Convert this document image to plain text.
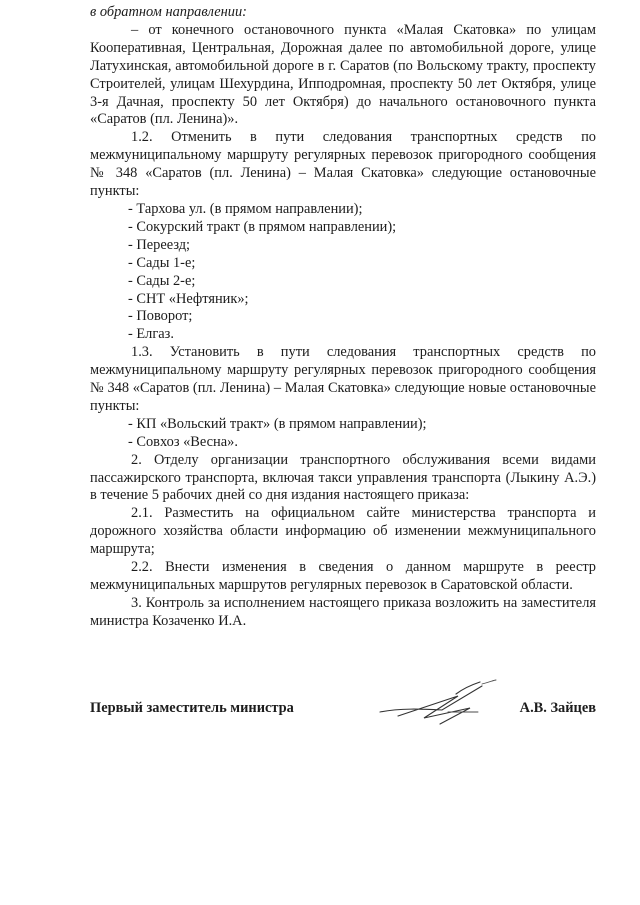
в обратном направлении:

– от конечного остановочного пункта «Малая Скатовка» по улицам Кооперативная, Центральная, Дорожная далее по автомобильной дороге, улице Латухинская, автомобильной дороге в г. Саратов (по Вольскому тракту, проспекту Строителей, улицам Шехурдина, Ипподромная, проспекту 50 лет Октября, улице 3-я Дачная, проспекту 50 лет Октября) до начального остановочного пункта «Саратов (пл. Ленина)».

1.2. Отменить в пути следования транспортных средств по межмуниципальному маршруту регулярных перевозок пригородного сообщения № 348 «Саратов (пл. Ленина) – Малая Скатовка» следующие остановочные пункты:

- Тархова ул. (в прямом направлении);
- Сокурский тракт (в прямом направлении);
- Переезд;
- Сады 1-е;
- Сады 2-е;
- СНТ «Нефтяник»;
- Поворот;
- Елгаз.

1.3. Установить в пути следования транспортных средств по межмуниципальному маршруту регулярных перевозок пригородного сообщения № 348 «Саратов (пл. Ленина) – Малая Скатовка» следующие новые остановочные пункты:

- КП «Вольский тракт» (в прямом направлении);
- Совхоз «Весна».

2. Отделу организации транспортного обслуживания всеми видами пассажирского транспорта, включая такси управления транспорта (Лыкину А.Э.) в течение 5 рабочих дней со дня издания настоящего приказа:

2.1. Разместить на официальном сайте министерства транспорта и дорожного хозяйства области информацию об изменении межмуниципального маршрута;

2.2. Внести изменения в сведения о данном маршруте в реестр межмуниципальных маршрутов регулярных перевозок в Саратовской области.

3. Контроль за исполнением настоящего приказа возложить на заместителя министра Козаченко И.А.

Первый заместитель министра	А.В. Зайцев
